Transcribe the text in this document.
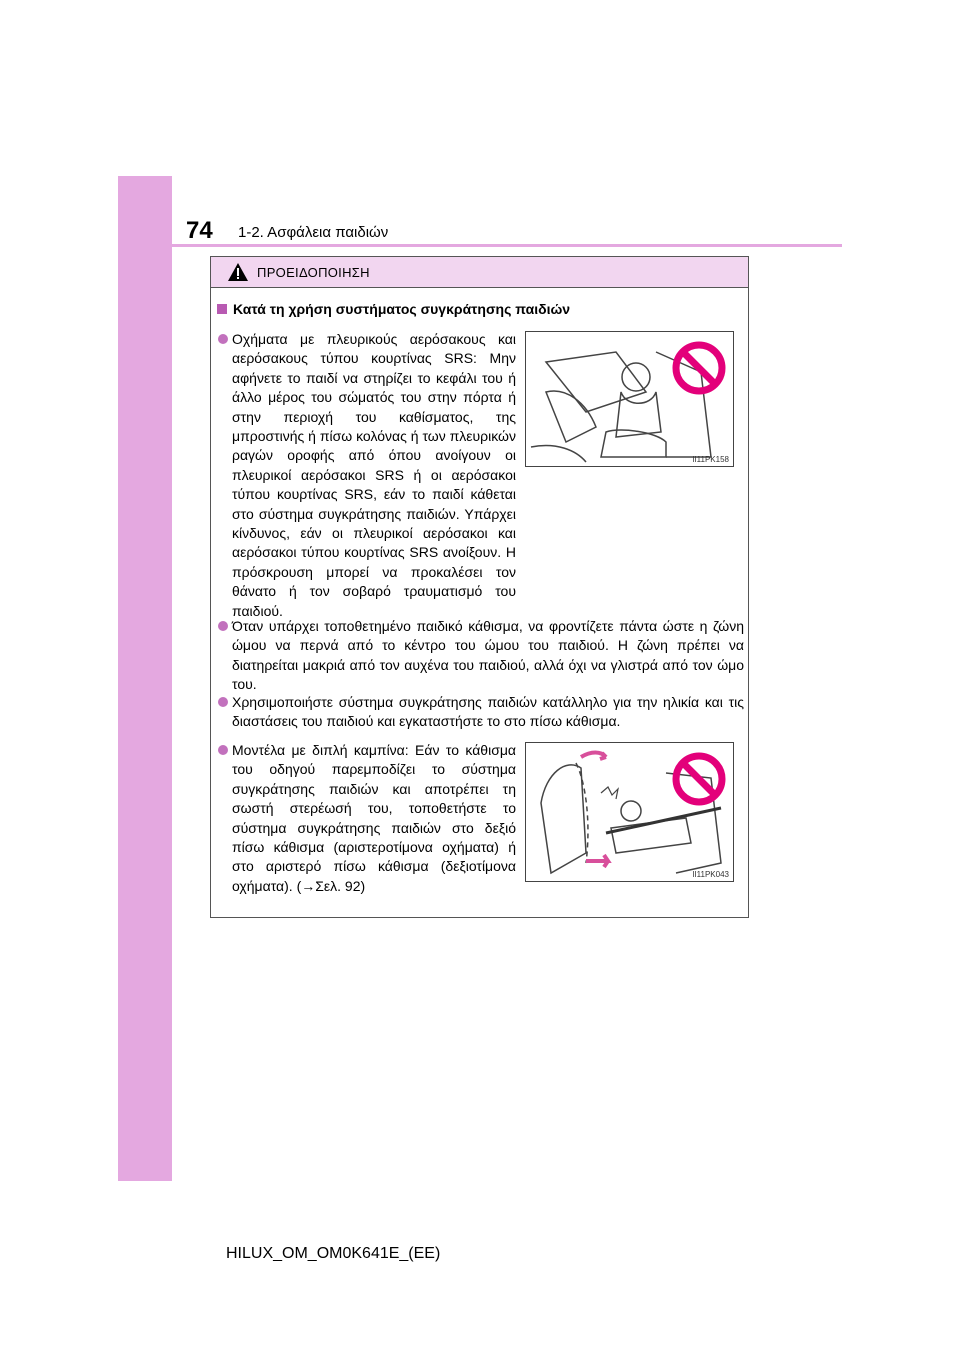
74 1-2. Ασφάλεια παιδιών
ΠΡΟΕΙΔΟΠΟΙΗΣΗ
Κατά τη χρήση συστήματος συγκράτησης παιδιών
Οχήματα με πλευρικούς αερόσακους και αερόσακους τύπου κουρτίνας SRS: Μην αφήνετε το παιδί να στηρίζει το κεφάλι του ή άλλο μέρος του σώματός του στην πόρτα ή στην περιοχή του καθίσματος, της μπροστινής ή πίσω κολόνας ή των πλευρικών ραγών οροφής από όπου ανοίγουν οι πλευρικοί αερόσακοι SRS ή οι αερόσακοι τύπου κουρτίνας SRS, εάν το παιδί κάθεται στο σύστημα συγκράτησης παιδιών. Υπάρχει κίνδυνος, εάν οι πλευρικοί αερόσακοι και αερόσακοι τύπου κουρτίνας SRS ανοίξουν. Η πρόσκρουση μπορεί να προκαλέσει τον θάνατο ή τον σοβαρό τραυματισμό του παιδιού.
II11PK158
Όταν υπάρχει τοποθετημένο παιδικό κάθισμα, να φροντίζετε πάντα ώστε η ζώνη ώμου να περνά από το κέντρο του ώμου του παιδιού. Η ζώνη πρέπει να διατηρείται μακριά από τον αυχένα του παιδιού, αλλά όχι να γλιστρά από τον ώμο του.
Χρησιμοποιήστε σύστημα συγκράτησης παιδιών κατάλληλο για την ηλικία και τις διαστάσεις του παιδιού και εγκαταστήστε το στο πίσω κάθισμα.
Μοντέλα με διπλή καμπίνα: Εάν το κάθισμα του οδηγού παρεμποδίζει το σύστημα συγκράτησης παιδιών και αποτρέπει τη σωστή στερέωσή του, τοποθετήστε το σύστημα συγκράτησης παιδιών στο δεξιό πίσω κάθισμα (αριστεροτίμονα οχήματα) ή στο αριστερό πίσω κάθισμα (δεξιοτίμονα οχήματα). (→Σελ. 92)
II11PK043
HILUX_OM_OM0K641E_(EE)
